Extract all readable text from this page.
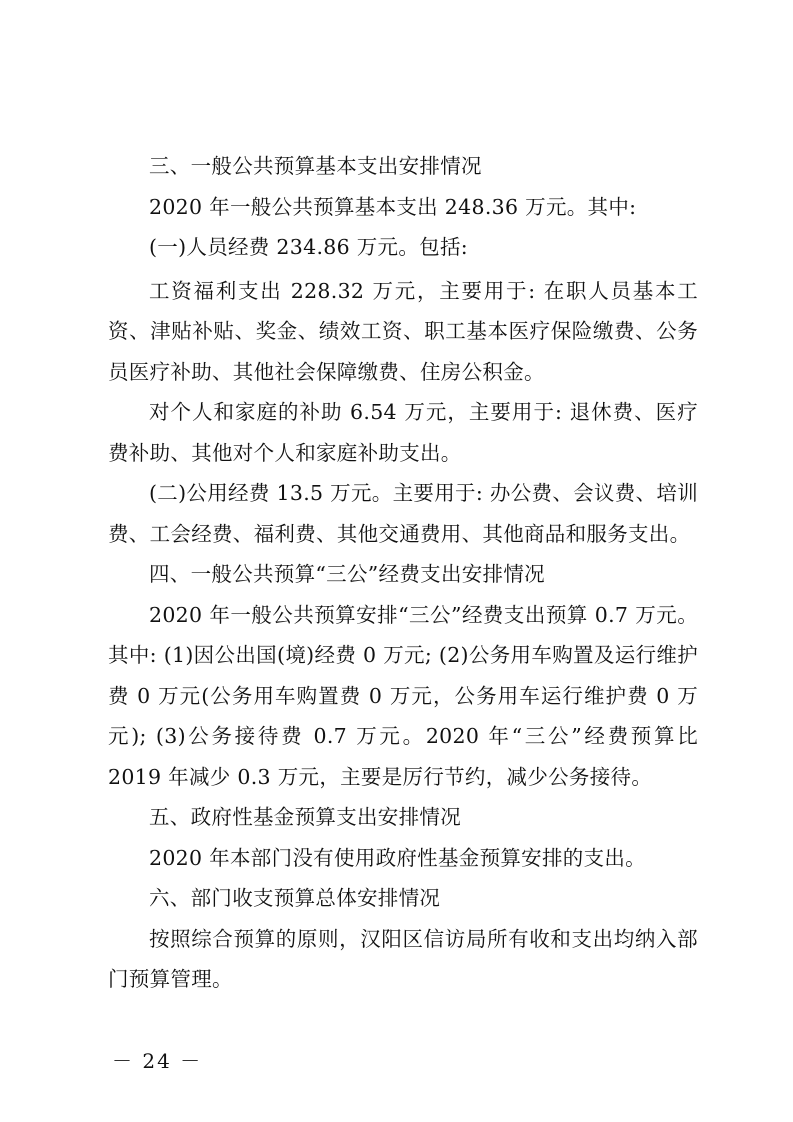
三、一般公共预算基本支出安排情况

2020 年一般公共预算基本支出 248.36 万元。其中:

(一)人员经费 234.86 万元。包括:

工资福利支出 228.32 万元，主要用于: 在职人员基本工资、津贴补贴、奖金、绩效工资、职工基本医疗保险缴费、公务员医疗补助、其他社会保障缴费、住房公积金。

对个人和家庭的补助 6.54 万元，主要用于: 退休费、医疗费补助、其他对个人和家庭补助支出。

(二)公用经费 13.5 万元。主要用于: 办公费、会议费、培训费、工会经费、福利费、其他交通费用、其他商品和服务支出。

四、一般公共预算“三公”经费支出安排情况

2020 年一般公共预算安排“三公”经费支出预算 0.7 万元。其中: (1)因公出国(境)经费 0 万元; (2)公务用车购置及运行维护费 0 万元(公务用车购置费 0 万元，公务用车运行维护费 0 万元); (3)公务接待费 0.7 万元。2020 年“三公”经费预算比 2019 年减少 0.3 万元，主要是厉行节约，减少公务接待。

五、政府性基金预算支出安排情况

2020 年本部门没有使用政府性基金预算安排的支出。

六、部门收支预算总体安排情况

按照综合预算的原则，汉阳区信访局所有收和支出均纳入部门预算管理。

－ 24 －
